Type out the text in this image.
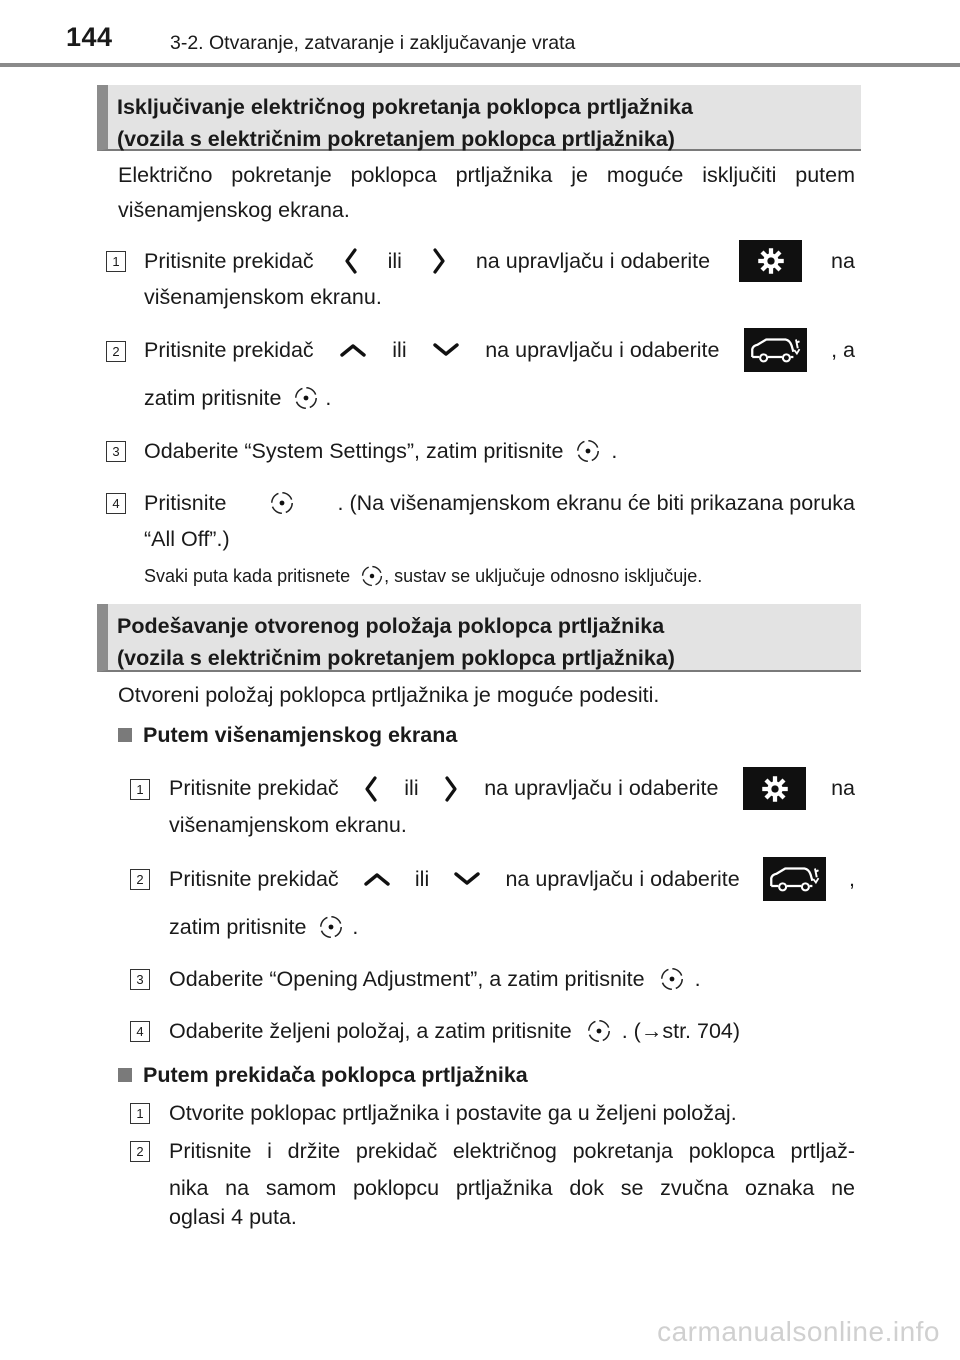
144	3-2. Otvaranje, zatvaranje i zaključavanje vrata
Isključivanje električnog pokretanja poklopca prtljažnika
(vozila s električnim pokretanjem poklopca prtljažnika)
Električno pokretanje poklopca prtljažnika je moguće isključiti putem
višenamjenskog ekrana.
1 Pritisnite prekidač	ili	na upravljaču i odaberite	na
višenamjenskom ekranu.
2 Pritisnite prekidač	ili	na upravljaču i odaberite	, a
zatim pritisnite .
3 Odaberite “System Settings”, zatim pritisnite .
4 Pritisnite	. (Na višenamjenskom ekranu će biti prikazana poruka
“All Off”.)
Svaki puta kada pritisnete , sustav se uključuje odnosno isključuje.
Podešavanje otvorenog položaja poklopca prtljažnika
(vozila s električnim pokretanjem poklopca prtljažnika)
Otvoreni položaj poklopca prtljažnika je moguće podesiti.
Putem višenamjenskog ekrana
1 Pritisnite prekidač	ili	na upravljaču i odaberite	na
višenamjenskom ekranu.
2 Pritisnite prekidač	ili	na upravljaču i odaberite	,
zatim pritisnite .
3 Odaberite “Opening Adjustment”, a zatim pritisnite .
4 Odaberite željeni položaj, a zatim pritisnite . (→str. 704)
Putem prekidača poklopca prtljažnika
1 Otvorite poklopac prtljažnika i postavite ga u željeni položaj.
2 Pritisnite i držite prekidač električnog pokretanja poklopca prtljaž-
nika na samom poklopcu prtljažnika dok se zvučna oznaka ne
oglasi 4 puta.
carmanualsonline.info
